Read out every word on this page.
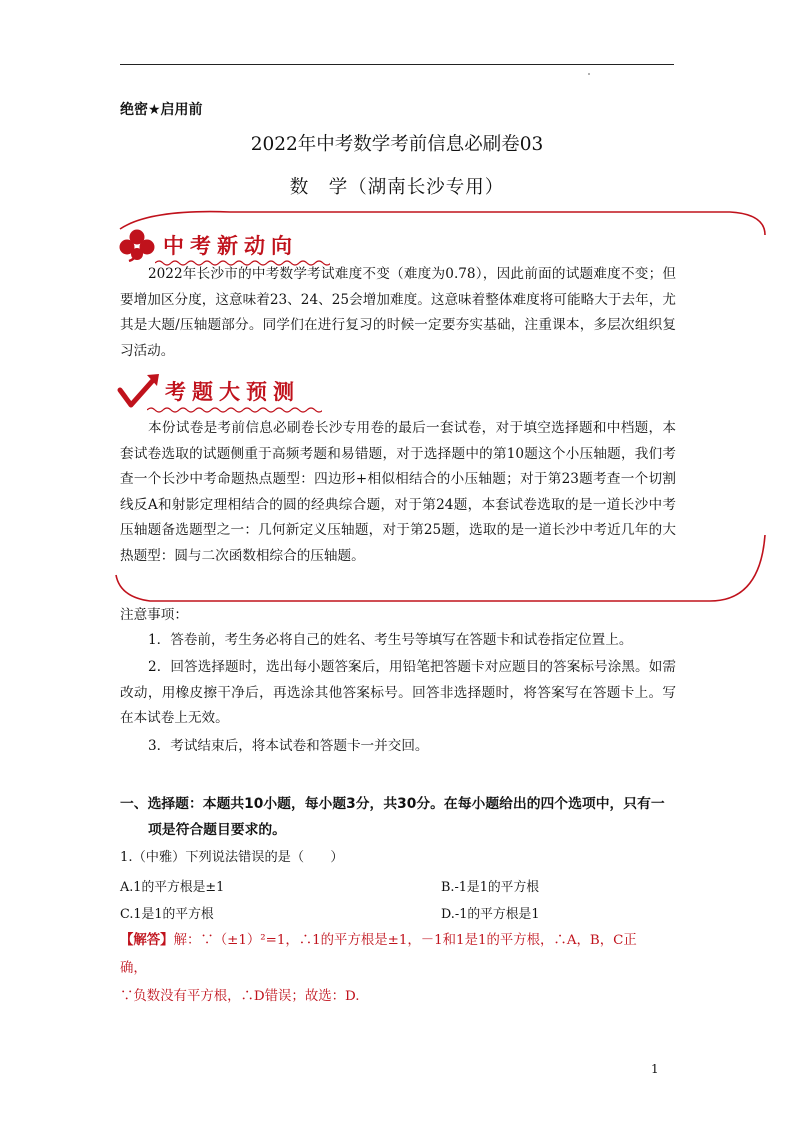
绝密★启用前
2022年中考数学考前信息必刷卷03
数　学（湖南长沙专用）
中考新动向

2022年长沙市的中考数学考试难度不变（难度为0.78），因此前面的试题难度不变；但要增加区分度，这意味着23、24、25会增加难度。这意味着整体难度将可能略大于去年，尤其是大题/压轴题部分。同学们在进行复习的时候一定要夯实基础，注重课本，多层次组织复习活动。

考题大预测

本份试卷是考前信息必刷卷长沙专用卷的最后一套试卷，对于填空选择题和中档题，本套试卷选取的试题侧重于高频考题和易错题，对于选择题中的第10题这个小压轴题，我们考查一个长沙中考命题热点题型：四边形+相似相结合的小压轴题；对于第23题考查一个切割线反A和射影定理相结合的圆的经典综合题，对于第24题，本套试卷选取的是一道长沙中考压轴题备选题型之一：几何新定义压轴题，对于第25题，选取的是一道长沙中考近几年的大热题型：圆与二次函数相综合的压轴题。

注意事项：
1．答卷前，考生务必将自己的姓名、考生号等填写在答题卡和试卷指定位置上。
2．回答选择题时，选出每小题答案后，用铅笔把答题卡对应题目的答案标号涂黑。如需改动，用橡皮擦干净后，再选涂其他答案标号。回答非选择题时，将答案写在答题卡上。写在本试卷上无效。
3．考试结束后，将本试卷和答题卡一并交回。
一、选择题：本题共10小题，每小题3分，共30分。在每小题给出的四个选项中，只有一
项是符合题目要求的。
1.（中雅）下列说法错误的是（　　）
A.1的平方根是±1	B.-1是1的平方根
C.1是1的平方根	D.-1的平方根是1
【解答】解：∵（±1）²=1，∴1的平方根是±1，－1和1是1的平方根，∴A，B，C正
确，
∵负数没有平方根，∴D错误；故选：D.
1
